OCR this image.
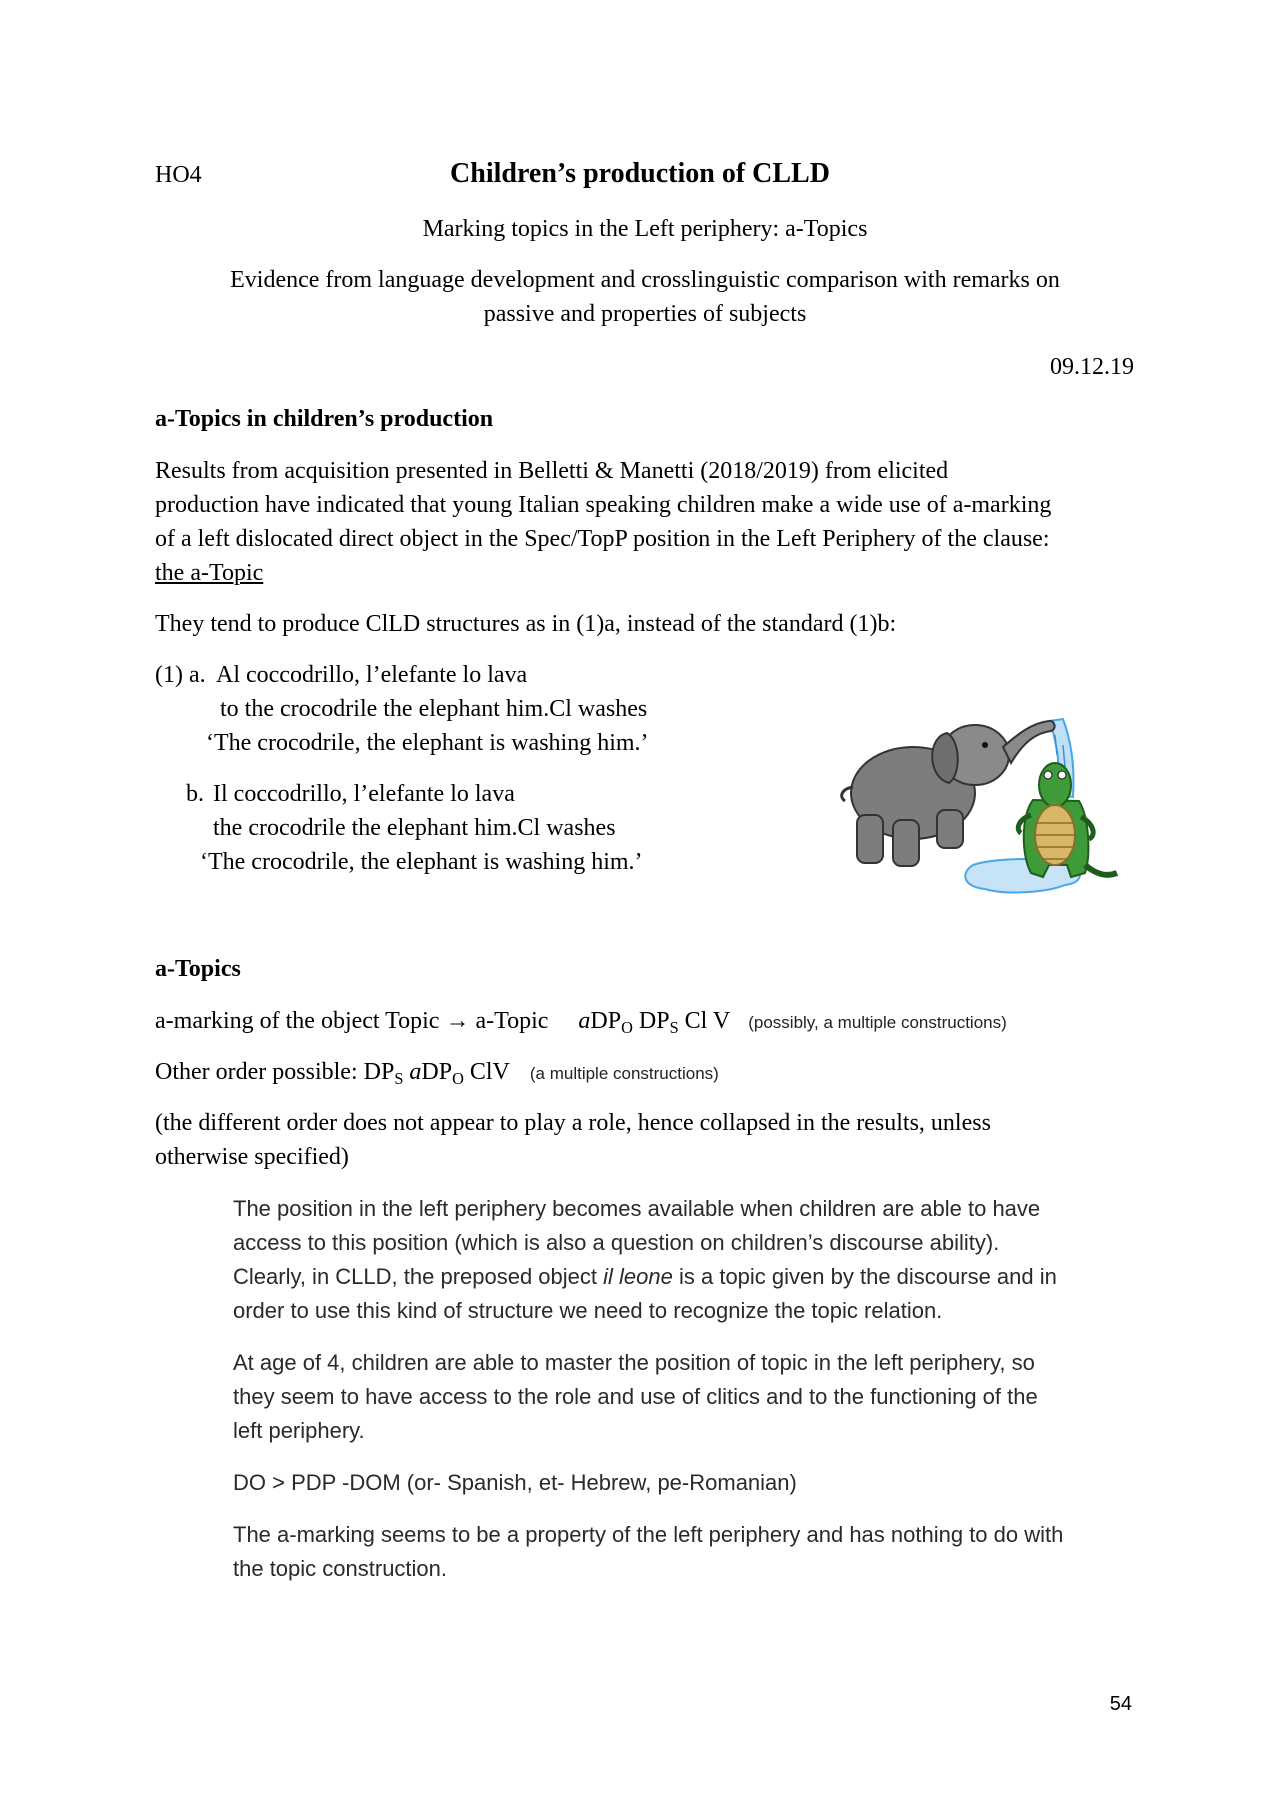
HO4	Children’s production of CLLD
Marking topics in the Left periphery: a-Topics
Evidence from language development and crosslinguistic comparison with remarks on
passive and properties of subjects
09.12.19
a-Topics in children’s production
Results from acquisition presented in Belletti & Manetti (2018/2019) from elicited
production have indicated that young Italian speaking children make a wide use of a-marking
of a left dislocated direct object in the Spec/TopP position in the Left Periphery of the clause:
the a-Topic
They tend to produce ClLD structures as in (1)a, instead of the standard (1)b:
(1) a. Al coccodrillo, l’elefante lo lava
to the crocodrile the elephant him.Cl washes
‘The crocodrile, the elephant is washing him.’
b. Il coccodrillo, l’elefante lo lava
the crocodrile the elephant him.Cl washes
‘The crocodrile, the elephant is washing him.’
a-Topics
a-marking of the object Topic → a-Topic aDP$_O$ $DP_S$ Cl V (possibly, a multiple constructions)
Other order possible: $DP_S$ aDP$_O$ ClV (a multiple constructions)
(the different order does not appear to play a role, hence collapsed in the results, unless
otherwise specified)
The position in the left periphery becomes available when children are able to have
access to this position (which is also a question on children’s discourse ability).
Clearly, in CLLD, the preposed object il leone is a topic given by the discourse and in
order to use this kind of structure we need to recognize the topic relation.
At age of 4, children are able to master the position of topic in the left periphery, so
they seem to have access to the role and use of clitics and to the functioning of the
left periphery.
DO > PDP -DOM (or- Spanish, et- Hebrew, pe-Romanian)
The a-marking seems to be a property of the left periphery and has nothing to do with
the topic construction.
54
